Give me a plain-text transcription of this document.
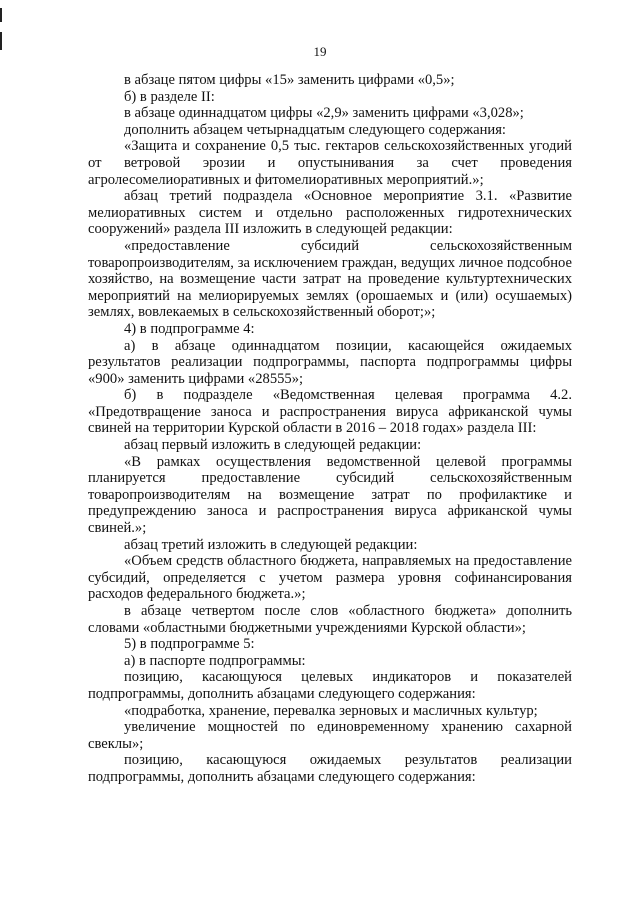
19

в абзаце пятом цифры «15» заменить цифрами «0,5»;

б) в разделе II:

в абзаце одиннадцатом цифры «2,9» заменить цифрами «3,028»;

дополнить абзацем четырнадцатым следующего содержания:

«Защита и сохранение 0,5 тыс. гектаров сельскохозяйственных угодий от ветровой эрозии и опустынивания за счет проведения агролесомелиоративных и фитомелиоративных мероприятий.»;

абзац третий подраздела «Основное мероприятие 3.1. «Развитие мелиоративных систем и отдельно расположенных гидротехнических сооружений» раздела III изложить в следующей редакции:

«предоставление субсидий сельскохозяйственным товаропроизводителям, за исключением граждан, ведущих личное подсобное хозяйство, на возмещение части затрат на проведение культуртехнических мероприятий на мелиорируемых землях (орошаемых и (или) осушаемых) землях, вовлекаемых в сельскохозяйственный оборот;»;

4) в подпрограмме 4:

а) в абзаце одиннадцатом позиции, касающейся ожидаемых результатов реализации подпрограммы, паспорта подпрограммы цифры «900» заменить цифрами «28555»;

б) в подразделе «Ведомственная целевая программа 4.2. «Предотвращение заноса и распространения вируса африканской чумы свиней на территории Курской области в 2016 – 2018 годах» раздела III:

абзац первый изложить в следующей редакции:

«В рамках осуществления ведомственной целевой программы планируется предоставление субсидий сельскохозяйственным товаропроизводителям на возмещение затрат по профилактике и предупреждению заноса и распространения вируса африканской чумы свиней.»;

абзац третий изложить в следующей редакции:

«Объем средств областного бюджета, направляемых на предоставление субсидий, определяется с учетом размера уровня софинансирования расходов федерального бюджета.»;

в абзаце четвертом после слов «областного бюджета» дополнить словами «областными бюджетными учреждениями Курской области»;

5) в подпрограмме 5:

а) в паспорте подпрограммы:

позицию, касающуюся целевых индикаторов и показателей подпрограммы, дополнить абзацами следующего содержания:

«подработка, хранение, перевалка зерновых и масличных культур;

увеличение мощностей по единовременному хранению сахарной свеклы»;

позицию, касающуюся ожидаемых результатов реализации подпрограммы, дополнить абзацами следующего содержания:
